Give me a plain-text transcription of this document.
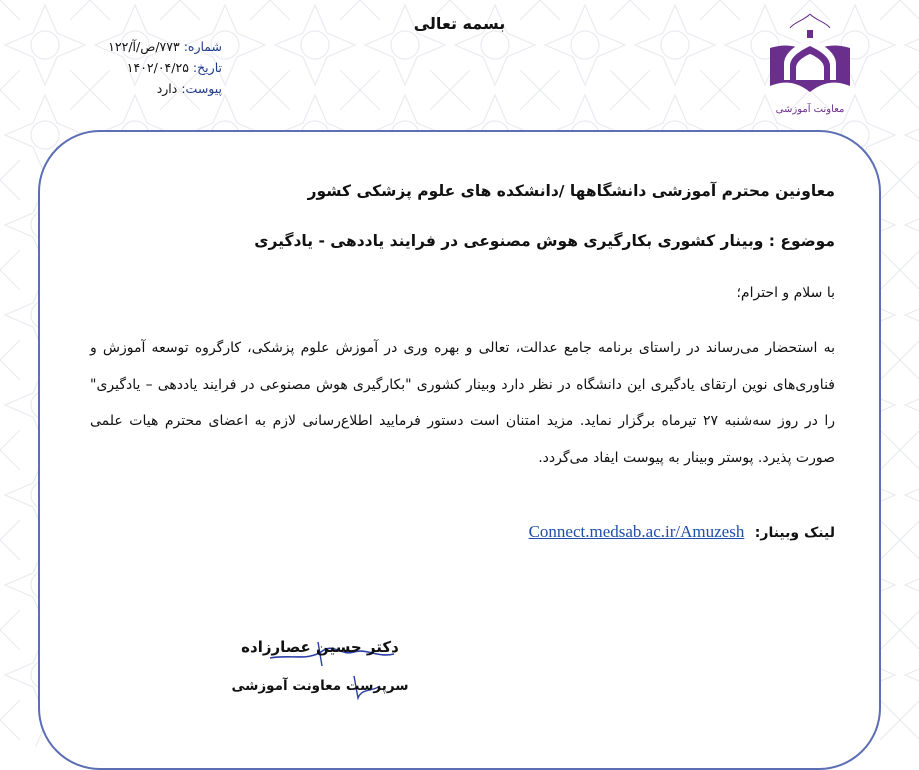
بسمه تعالی
شماره: ۷۷۳/ص/آ/۱۲۲
تاریخ: ۱۴۰۲/۰۴/۲۵
پیوست: دارد
معاونت آموزشی
معاونین محترم آموزشی دانشگاهها /دانشکده های علوم پزشکی کشور
موضوع : وبینار کشوری بکارگیری هوش مصنوعی در فرایند یاددهی - یادگیری
با سلام و احترام؛
به استحضار می‌رساند در راستای برنامه جامع عدالت، تعالی و بهره وری در آموزش علوم پزشکی، کارگروه توسعه آموزش و فناوری‌های نوین ارتقای یادگیری این دانشگاه در نظر دارد وبینار کشوری "بکارگیری هوش مصنوعی در فرایند یاددهی – یادگیری" را در روز سه‌شنبه ۲۷ تیرماه برگزار نماید. مزید امتنان است دستور فرمایید اطلاع‌رسانی لازم به اعضای محترم هیات علمی صورت پذیرد. پوستر وبینار به پیوست ایفاد می‌گردد.
لینک وبینار: Connect.medsab.ac.ir/Amuzesh
دکتر حسین عصارزاده
سرپرست معاونت آموزشی
